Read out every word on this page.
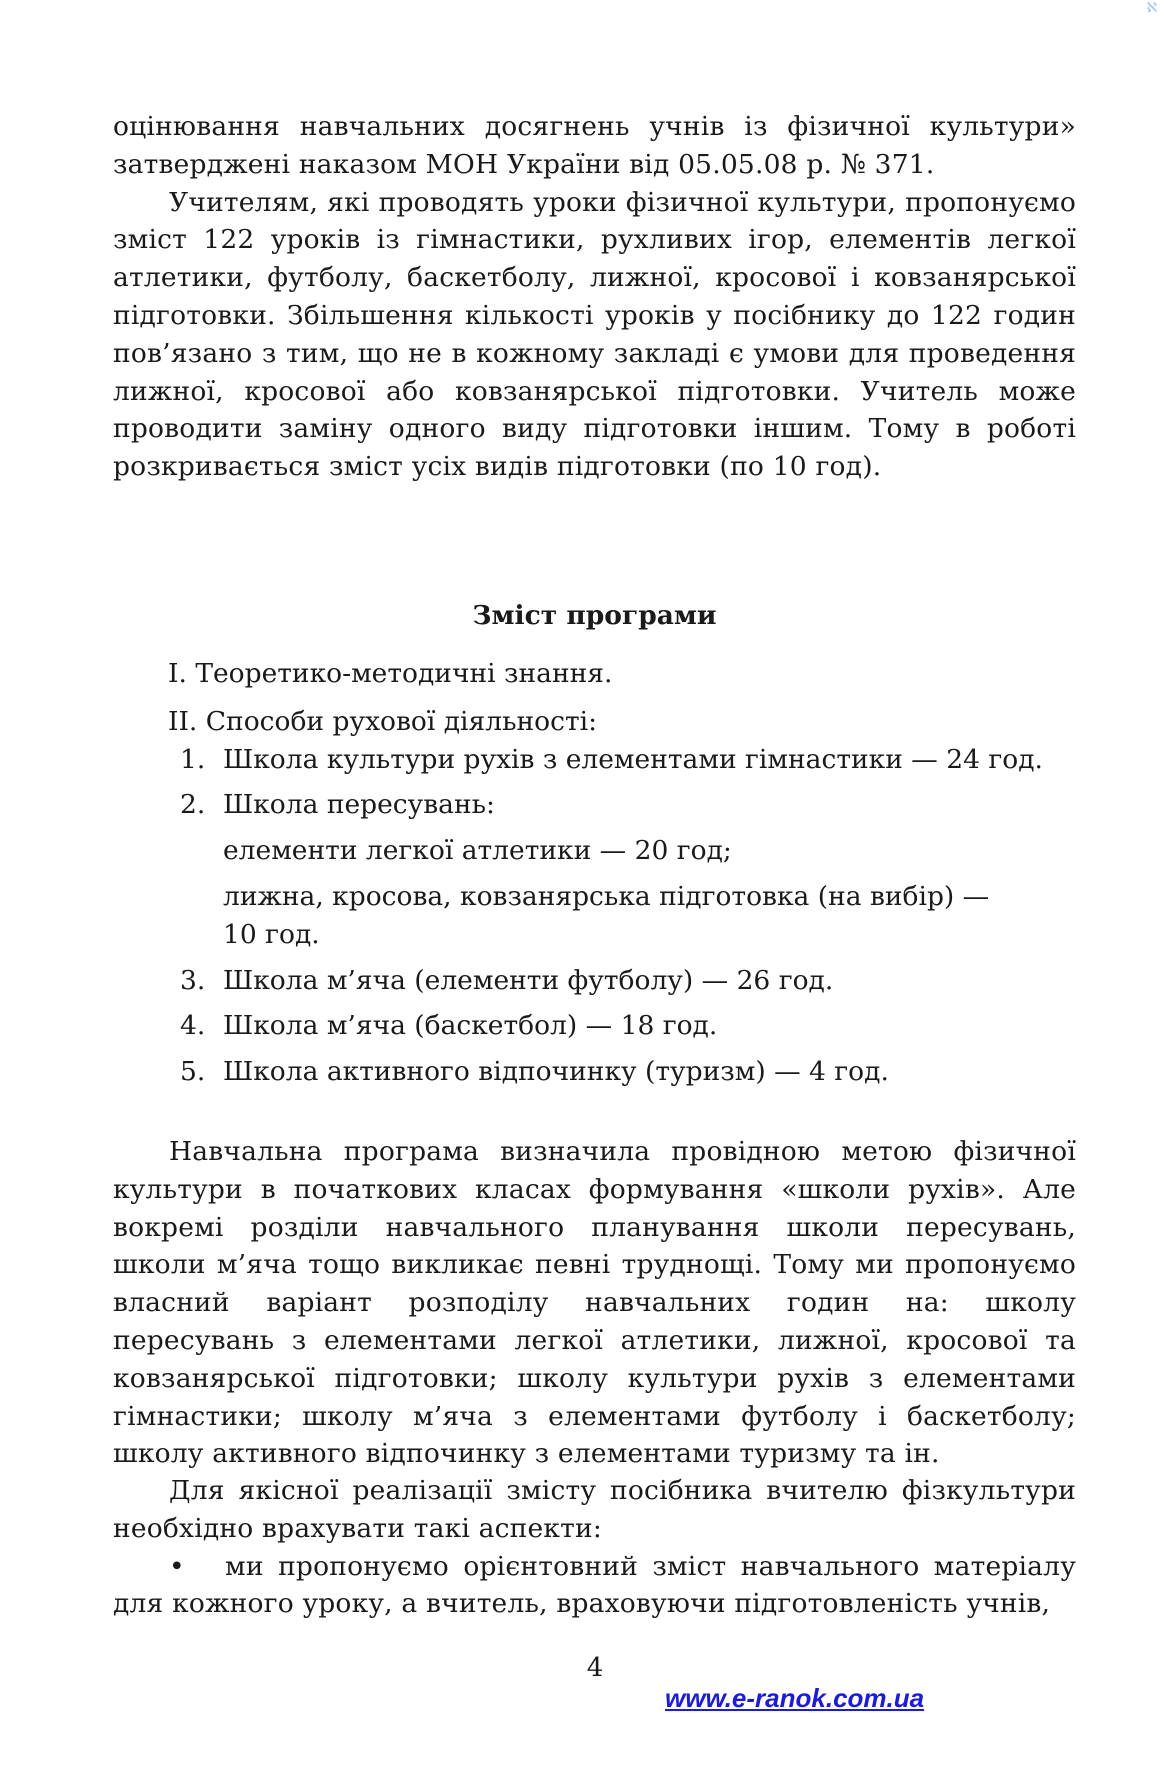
ℵ

оцінювання навчальних досягнень учнів із фізичної культури» затверджені наказом МОН України від 05.05.08 р. № 371.

Учителям, які проводять уроки фізичної культури, пропонуємо зміст 122 уроків із гімнастики, рухливих ігор, елементів легкої атлетики, футболу, баскетболу, лижної, кросової і ковзанярської підготовки. Збільшення кількості уроків у посібнику до 122 годин пов’язано з тим, що не в кожному закладі є умови для проведення лижної, кросової або ковзанярської підготовки. Учитель може проводити заміну одного виду підготовки іншим. Тому в роботі розкривається зміст усіх видів підготовки (по 10 год).

Зміст програми

І. Теоретико-методичні знання.

ІІ. Способи рухової діяльності:

1. Школа культури рухів з елементами гімнастики — 24 год.
2. Школа пересувань:
елементи легкої атлетики — 20 год;
лижна, кросова, ковзанярська підготовка (на вибір) — 10 год.
3. Школа м’яча (елементи футболу) — 26 год.
4. Школа м’яча (баскетбол) — 18 год.
5. Школа активного відпочинку (туризм) — 4 год.

Навчальна програма визначила провідною метою фізичної культури в початкових класах формування «школи рухів». Але вокремі розділи навчального планування школи пересувань, школи м’яча тощо викликає певні труднощі. Тому ми пропонуємо власний варіант розподілу навчальних годин на: школу пересувань з елементами легкої атлетики, лижної, кросової та ковзанярської підготовки; школу культури рухів з елементами гімнастики; школу м’яча з елементами футболу і баскетболу; школу активного відпочинку з елементами туризму та ін.

Для якісної реалізації змісту посібника вчителю фізкультури необхідно врахувати такі аспекти:

• ми пропонуємо орієнтовний зміст навчального матеріалу для кожного уроку, а вчитель, враховуючи підготовленість учнів,

4
www.e-ranok.com.ua
